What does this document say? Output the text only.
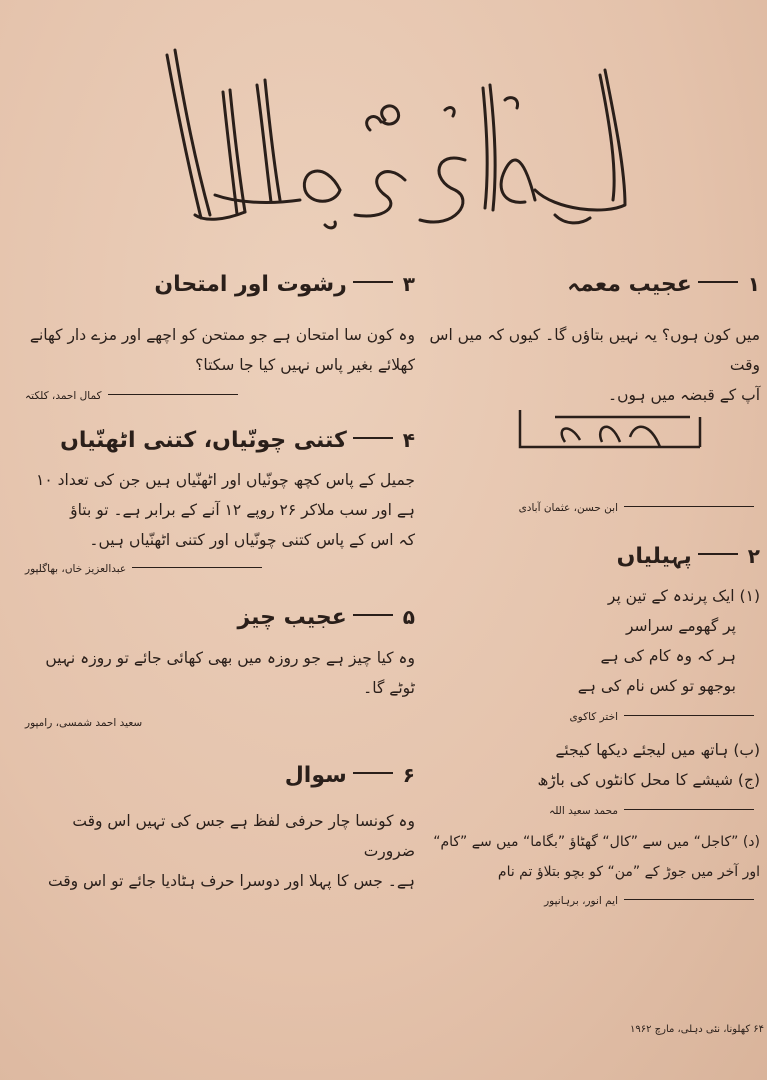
۱عجیب معمہ
میں کون ہوں؟ یہ نہیں بتاؤں گا۔ کیوں کہ میں اس وقت
آپ کے قبضہ میں ہوں۔
ابن حسن، عثمان آبادی
۲پہیلیاں
(۱) ایک پرندہ کے تین پر
پر گھومے سراسر
ہر کہ وہ کام کی ہے
بوجھو تو کس نام کی ہے
اختر کاکوی
(ب) ہاتھ میں لیجئے دیکھا کیجئے
(ج) شیشے کا محل کانٹوں کی باڑھ
محمد سعید اللہ
(د) ”کاجل“ میں سے ”کال“ گھٹاؤ ”بگاما“ میں سے ”کام“
اور آخر میں جوڑ کے ”من“ کو بچو بتلاؤ تم نام
ایم انور، برہانپور
۳رشوت اور امتحان
وہ کون سا امتحان ہے جو ممتحن کو اچھے اور مزے دار کھانے
کھلائے بغیر پاس نہیں کیا جا سکتا؟
کمال احمد، کلکتہ
۴کتنی چونّیاں، کتنی اٹھنّیاں
جمیل کے پاس کچھ چونّیاں اور اٹھنّیاں ہیں جن کی تعداد ۱۰
ہے اور سب ملاکر ۲۶ روپے ۱۲ آنے کے برابر ہے۔ تو بتاؤ
کہ اس کے پاس کتنی چونّیاں اور کتنی اٹھنّیاں ہیں۔
عبدالعزیز خاں، بھاگلپور
۵عجیب چیز
وہ کیا چیز ہے جو روزہ میں بھی کھائی جائے تو روزہ نہیں
ٹوٹے گا۔
سعید احمد شمسی، رامپور
۶سوال
وہ کونسا چار حرفی لفظ ہے جس کی تہیں اس وقت ضرورت
ہے۔ جس کا پہلا اور دوسرا حرف ہٹادیا جائے تو اس وقت
۶۴ کھلونا، نئی دہلی، مارچ ۱۹۶۲
